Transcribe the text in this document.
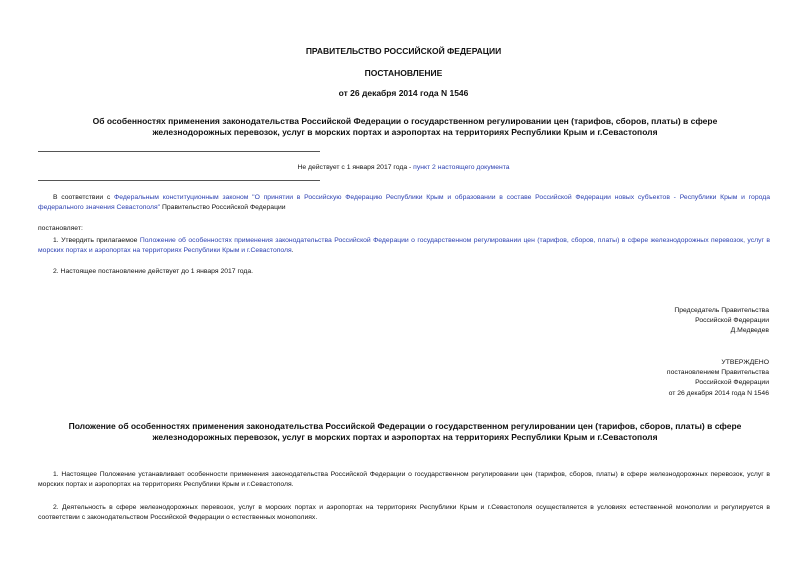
ПРАВИТЕЛЬСТВО РОССИЙСКОЙ ФЕДЕРАЦИИ
ПОСТАНОВЛЕНИЕ
от 26 декабря 2014 года N 1546
Об особенностях применения законодательства Российской Федерации о государственном регулировании цен (тарифов, сборов, платы) в сфере
железнодорожных перевозок, услуг в морских портах и аэропортах на территориях Республики Крым и г.Севастополя
Не действует с 1 января 2017 года - пункт 2 настоящего документа
В соответствии с Федеральным конституционным законом "О принятии в Российскую Федерацию Республики Крым и образовании в составе Российской Федерации новых субъектов - Республики Крым и города федерального значения Севастополя" Правительство Российской Федерации
постановляет:
1. Утвердить прилагаемое Положение об особенностях применения законодательства Российской Федерации о государственном регулировании цен (тарифов, сборов, платы) в сфере железнодорожных перевозок, услуг в морских портах и аэропортах на территориях Республики Крым и г.Севастополя.
2. Настоящее постановление действует до 1 января 2017 года.
Председатель Правительства
Российской Федерации
Д.Медведев
УТВЕРЖДЕНО
постановлением Правительства
Российской Федерации
от 26 декабря 2014 года N 1546
Положение об особенностях применения законодательства Российской Федерации о государственном регулировании цен (тарифов, сборов, платы) в сфере
железнодорожных перевозок, услуг в морских портах и аэропортах на территориях Республики Крым и г.Севастополя
1. Настоящее Положение устанавливает особенности применения законодательства Российской Федерации о государственном регулировании цен (тарифов, сборов, платы) в сфере железнодорожных перевозок, услуг в морских портах и аэропортах на территориях Республики Крым и г.Севастополя.
2. Деятельность в сфере железнодорожных перевозок, услуг в морских портах и аэропортах на территориях Республики Крым и г.Севастополя осуществляется в условиях естественной монополии и регулируется в соответствии с законодательством Российской Федерации о естественных монополиях.
